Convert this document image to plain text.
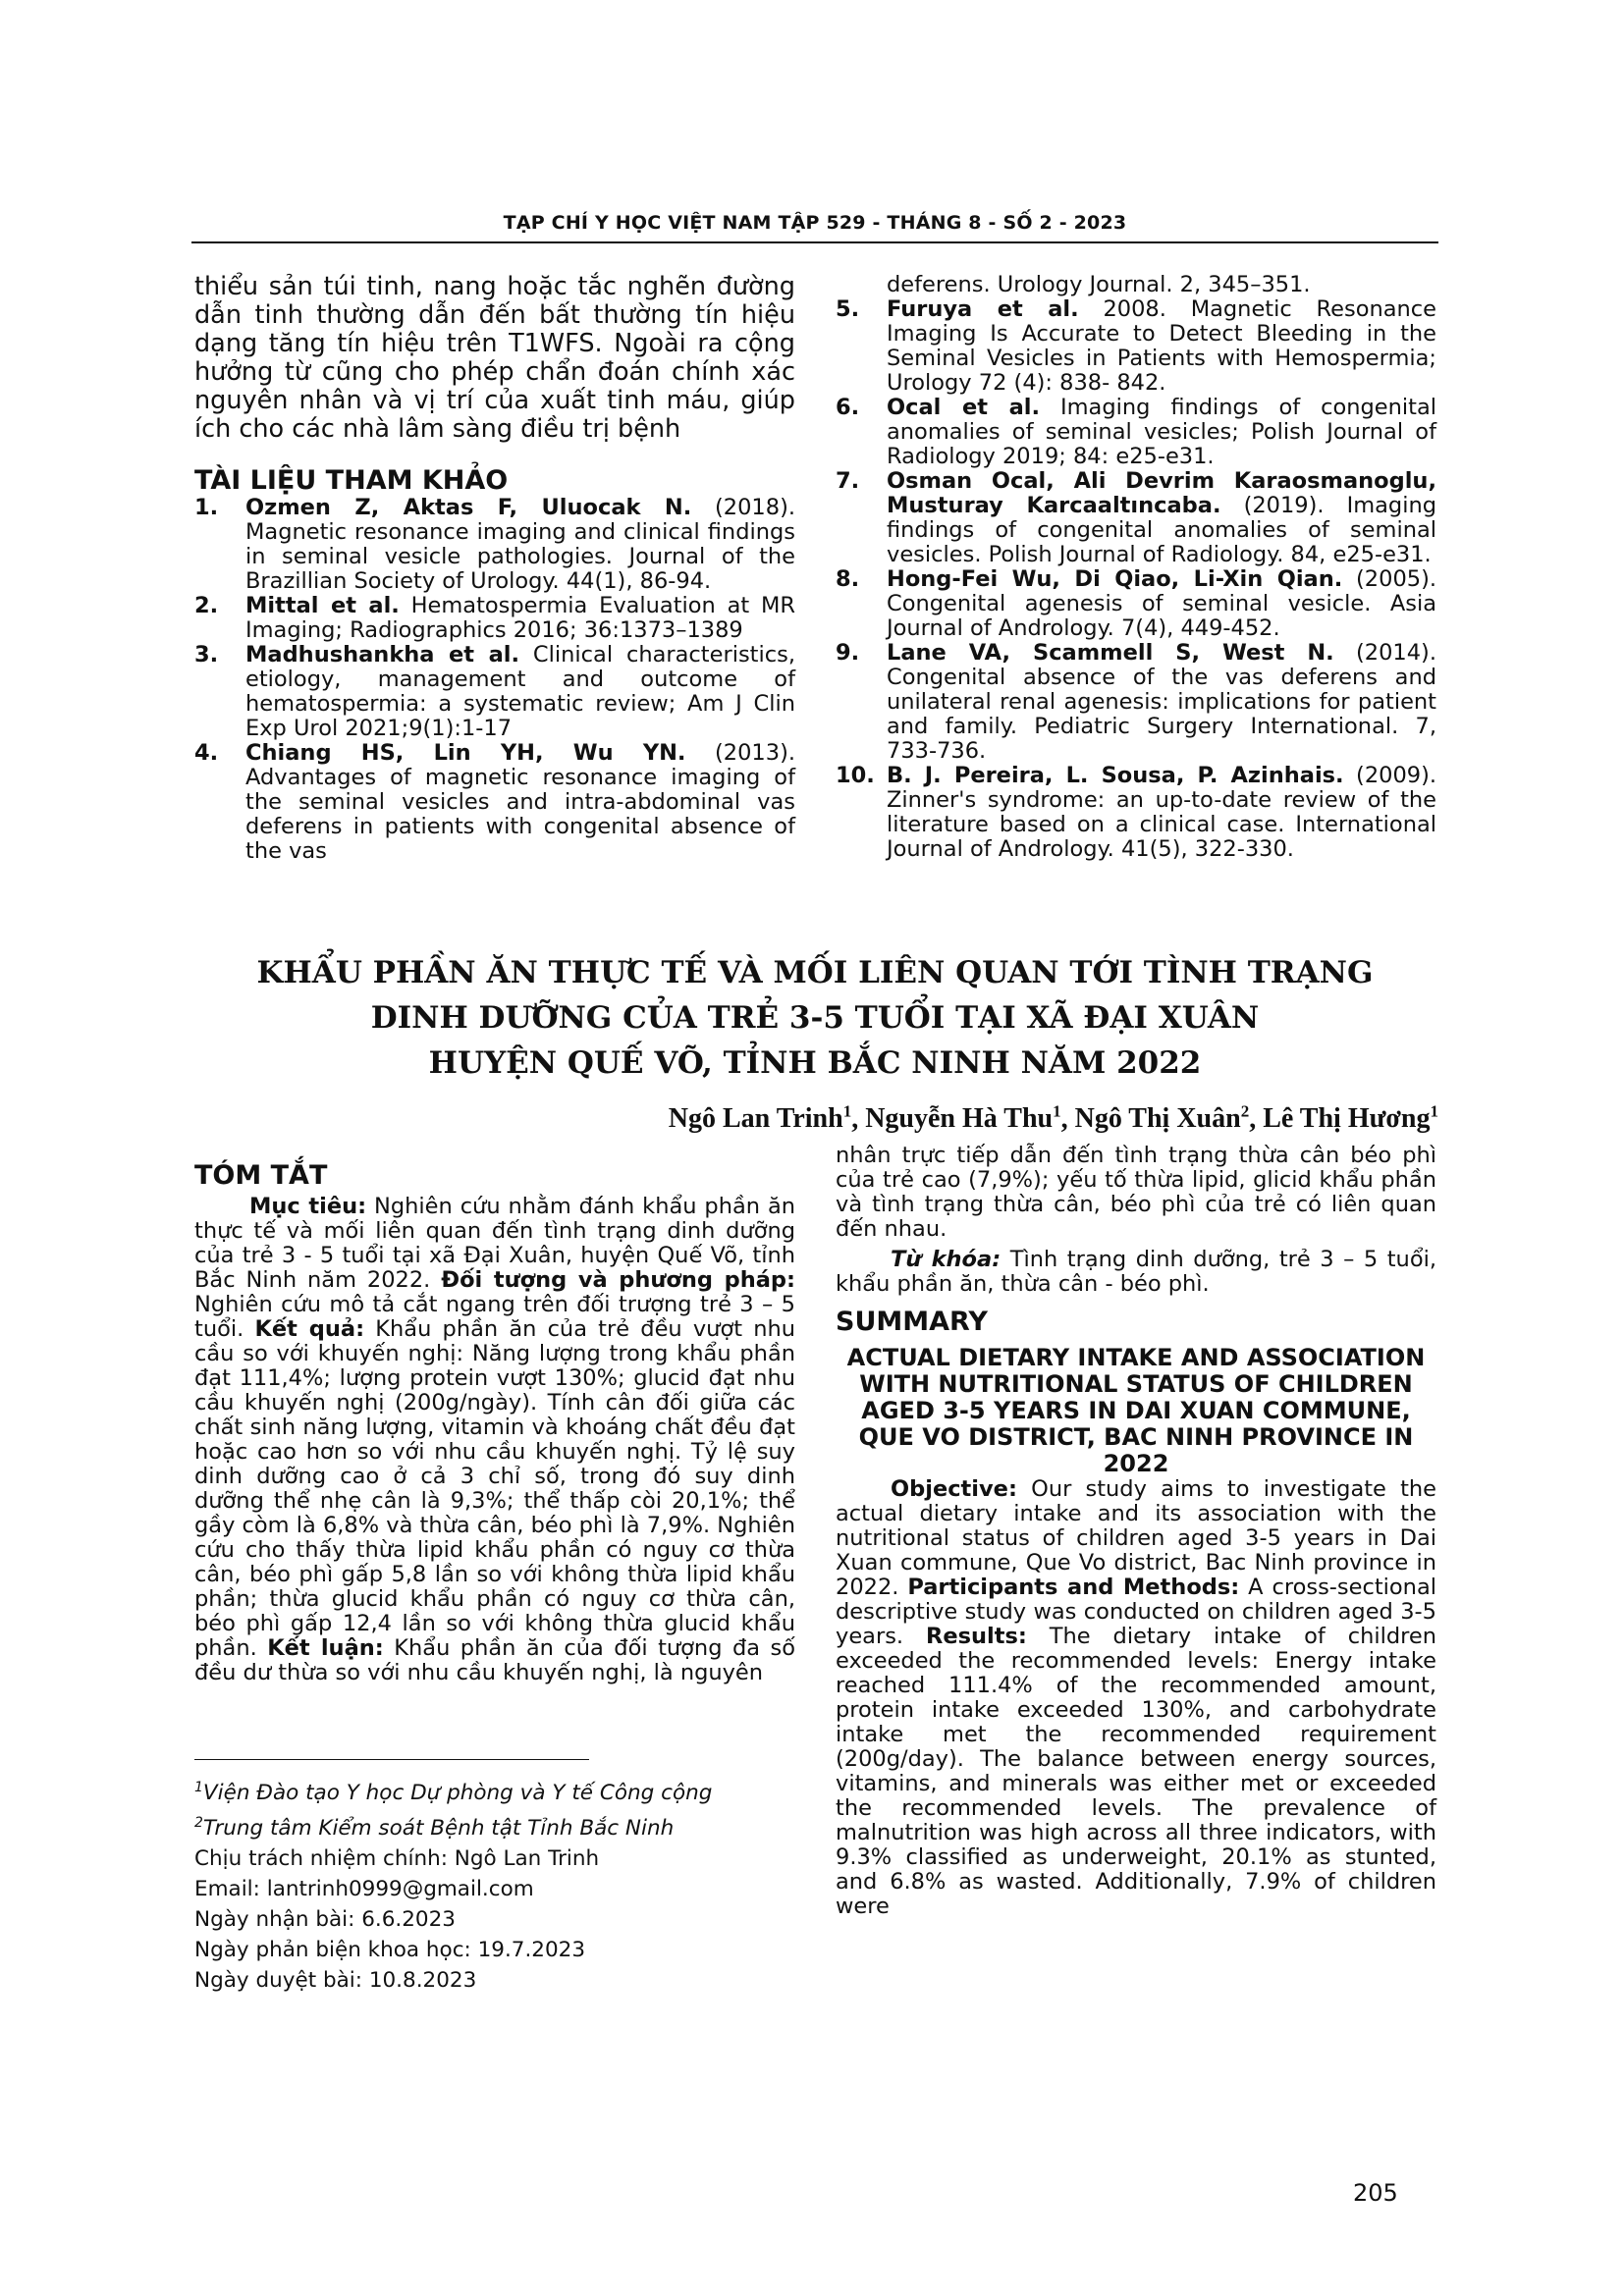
TẠP CHÍ Y HỌC VIỆT NAM TẬP 529 - THÁNG 8 - SỐ 2 - 2023

thiểu sản túi tinh, nang hoặc tắc nghẽn đường dẫn tinh thường dẫn đến bất thường tín hiệu dạng tăng tín hiệu trên T1WFS. Ngoài ra cộng hưởng từ cũng cho phép chẩn đoán chính xác nguyên nhân và vị trí của xuất tinh máu, giúp ích cho các nhà lâm sàng điều trị bệnh

TÀI LIỆU THAM KHẢO

1. Ozmen Z, Aktas F, Uluocak N. (2018). Magnetic resonance imaging and clinical findings in seminal vesicle pathologies. Journal of the Brazillian Society of Urology. 44(1), 86-94.
2. Mittal et al. Hematospermia Evaluation at MR Imaging; Radiographics 2016; 36:1373–1389
3. Madhushankha et al. Clinical characteristics, etiology, management and outcome of hematospermia: a systematic review; Am J Clin Exp Urol 2021;9(1):1-17
4. Chiang HS, Lin YH, Wu YN. (2013). Advantages of magnetic resonance imaging of the seminal vesicles and intra-abdominal vas deferens in patients with congenital absence of the vas
deferens. Urology Journal. 2, 345–351.
5. Furuya et al. 2008. Magnetic Resonance Imaging Is Accurate to Detect Bleeding in the Seminal Vesicles in Patients with Hemospermia; Urology 72 (4): 838- 842.
6. Ocal et al. Imaging findings of congenital anomalies of seminal vesicles; Polish Journal of Radiology 2019; 84: e25-e31.
7. Osman Ocal, Ali Devrim Karaosmanoglu, Musturay Karcaaltıncaba. (2019). Imaging findings of congenital anomalies of seminal vesicles. Polish Journal of Radiology. 84, e25-e31.
8. Hong-Fei Wu, Di Qiao, Li-Xin Qian. (2005). Congenital agenesis of seminal vesicle. Asia Journal of Andrology. 7(4), 449-452.
9. Lane VA, Scammell S, West N. (2014). Congenital absence of the vas deferens and unilateral renal agenesis: implications for patient and family. Pediatric Surgery International. 7, 733-736.
10. B. J. Pereira, L. Sousa, P. Azinhais. (2009). Zinner's syndrome: an up-to-date review of the literature based on a clinical case. International Journal of Andrology. 41(5), 322-330.
KHẨU PHẦN ĂN THỰC TẾ VÀ MỐI LIÊN QUAN TỚI TÌNH TRẠNG
DINH DƯỠNG CỦA TRẺ 3-5 TUỔI TẠI XÃ ĐẠI XUÂN
HUYỆN QUẾ VÕ, TỈNH BẮC NINH NĂM 2022
Ngô Lan Trinh$^1$, Nguyễn Hà Thu$^1$, Ngô Thị Xuân$^2$, Lê Thị Hương$^1$

TÓM TẮT

Mục tiêu: Nghiên cứu nhằm đánh khẩu phần ăn thực tế và mối liên quan đến tình trạng dinh dưỡng của trẻ 3 - 5 tuổi tại xã Đại Xuân, huyện Quế Võ, tỉnh Bắc Ninh năm 2022. Đối tượng và phương pháp: Nghiên cứu mô tả cắt ngang trên đối trượng trẻ 3 – 5 tuổi. Kết quả: Khẩu phần ăn của trẻ đều vượt nhu cầu so với khuyến nghị: Năng lượng trong khẩu phần đạt 111,4%; lượng protein vượt 130%; glucid đạt nhu cầu khuyến nghị (200g/ngày). Tính cân đối giữa các chất sinh năng lượng, vitamin và khoáng chất đều đạt hoặc cao hơn so với nhu cầu khuyến nghị. Tỷ lệ suy dinh dưỡng cao ở cả 3 chỉ số, trong đó suy dinh dưỡng thể nhẹ cân là 9,3%; thể thấp còi 20,1%; thể gầy còm là 6,8% và thừa cân, béo phì là 7,9%. Nghiên cứu cho thấy thừa lipid khẩu phần có nguy cơ thừa cân, béo phì gấp 5,8 lần so với không thừa lipid khẩu phần; thừa glucid khẩu phần có nguy cơ thừa cân, béo phì gấp 12,4 lần so với không thừa glucid khẩu phần. Kết luận: Khẩu phần ăn của đối tượng đa số đều dư thừa so với nhu cầu khuyến nghị, là nguyên

nhân trực tiếp dẫn đến tình trạng thừa cân béo phì của trẻ cao (7,9%); yếu tố thừa lipid, glicid khẩu phần và tình trạng thừa cân, béo phì của trẻ có liên quan đến nhau.

Từ khóa: Tình trạng dinh dưỡng, trẻ 3 – 5 tuổi, khẩu phần ăn, thừa cân - béo phì.

SUMMARY

ACTUAL DIETARY INTAKE AND ASSOCIATION WITH NUTRITIONAL STATUS OF CHILDREN AGED 3-5 YEARS IN DAI XUAN COMMUNE, QUE VO DISTRICT, BAC NINH PROVINCE IN 2022

Objective: Our study aims to investigate the actual dietary intake and its association with the nutritional status of children aged 3-5 years in Dai Xuan commune, Que Vo district, Bac Ninh province in 2022. Participants and Methods: A cross-sectional descriptive study was conducted on children aged 3-5 years. Results: The dietary intake of children exceeded the recommended levels: Energy intake reached 111.4% of the recommended amount, protein intake exceeded 130%, and carbohydrate intake met the recommended requirement (200g/day). The balance between energy sources, vitamins, and minerals was either met or exceeded the recommended levels. The prevalence of malnutrition was high across all three indicators, with 9.3% classified as underweight, 20.1% as stunted, and 6.8% as wasted. Additionally, 7.9% of children were

$^1$Viện Đào tạo Y học Dự phòng và Y tế Công cộng
$^2$Trung tâm Kiểm soát Bệnh tật Tỉnh Bắc Ninh
Chịu trách nhiệm chính: Ngô Lan Trinh
Email: lantrinh0999@gmail.com
Ngày nhận bài: 6.6.2023
Ngày phản biện khoa học: 19.7.2023
Ngày duyệt bài: 10.8.2023
205
